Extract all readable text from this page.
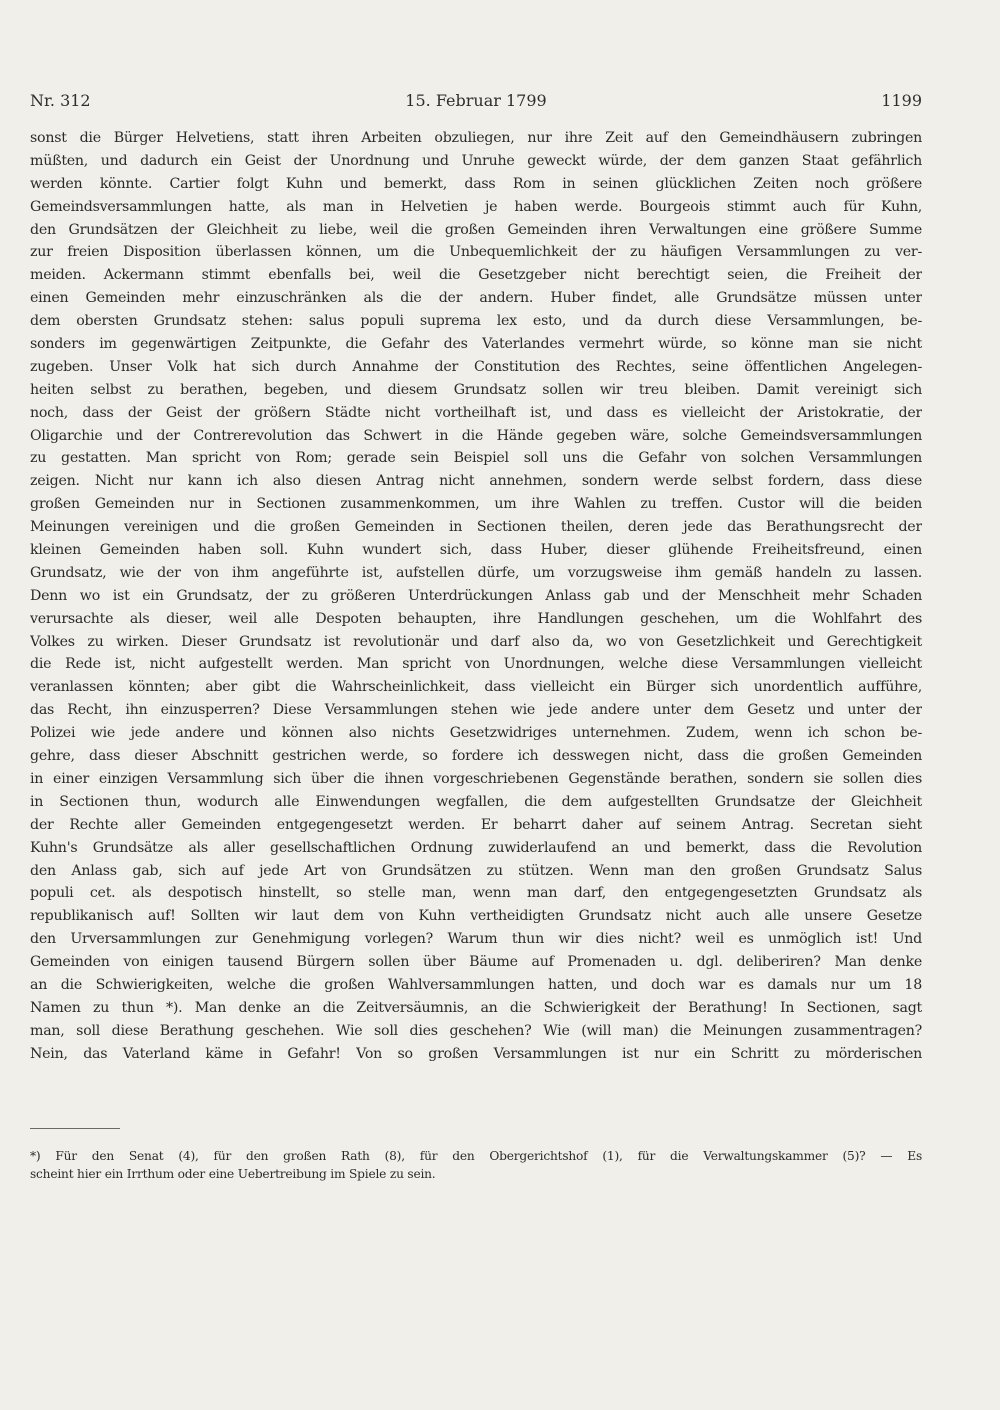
Nr. 312	15. Februar 1799	1199
sonst die Bürger Helvetiens, statt ihren Arbeiten obzuliegen, nur ihre Zeit auf den Gemeindhäusern zubringen
müßten, und dadurch ein Geist der Unordnung und Unruhe geweckt würde, der dem ganzen Staat gefährlich
werden könnte. Cartier folgt Kuhn und bemerkt, dass Rom in seinen glücklichen Zeiten noch größere
Gemeindsversammlungen hatte, als man in Helvetien je haben werde. Bourgeois stimmt auch für Kuhn,
den Grundsätzen der Gleichheit zu liebe, weil die großen Gemeinden ihren Verwaltungen eine größere Summe
zur freien Disposition überlassen können, um die Unbequemlichkeit der zu häufigen Versammlungen zu ver-
meiden. Ackermann stimmt ebenfalls bei, weil die Gesetzgeber nicht berechtigt seien, die Freiheit der
einen Gemeinden mehr einzuschränken als die der andern. Huber findet, alle Grundsätze müssen unter
dem obersten Grundsatz stehen: salus populi suprema lex esto, und da durch diese Versammlungen, be-
sonders im gegenwärtigen Zeitpunkte, die Gefahr des Vaterlandes vermehrt würde, so könne man sie nicht
zugeben. Unser Volk hat sich durch Annahme der Constitution des Rechtes, seine öffentlichen Angelegen-
heiten selbst zu berathen, begeben, und diesem Grundsatz sollen wir treu bleiben. Damit vereinigt sich
noch, dass der Geist der größern Städte nicht vortheilhaft ist, und dass es vielleicht der Aristokratie, der
Oligarchie und der Contrerevolution das Schwert in die Hände gegeben wäre, solche Gemeindsversammlungen
zu gestatten. Man spricht von Rom; gerade sein Beispiel soll uns die Gefahr von solchen Versammlungen
zeigen. Nicht nur kann ich also diesen Antrag nicht annehmen, sondern werde selbst fordern, dass diese
großen Gemeinden nur in Sectionen zusammenkommen, um ihre Wahlen zu treffen. Custor will die beiden
Meinungen vereinigen und die großen Gemeinden in Sectionen theilen, deren jede das Berathungsrecht der
kleinen Gemeinden haben soll. Kuhn wundert sich, dass Huber, dieser glühende Freiheitsfreund, einen
Grundsatz, wie der von ihm angeführte ist, aufstellen dürfe, um vorzugsweise ihm gemäß handeln zu lassen.
Denn wo ist ein Grundsatz, der zu größeren Unterdrückungen Anlass gab und der Menschheit mehr Schaden
verursachte als dieser, weil alle Despoten behaupten, ihre Handlungen geschehen, um die Wohlfahrt des
Volkes zu wirken. Dieser Grundsatz ist revolutionär und darf also da, wo von Gesetzlichkeit und Gerechtigkeit
die Rede ist, nicht aufgestellt werden. Man spricht von Unordnungen, welche diese Versammlungen vielleicht
veranlassen könnten; aber gibt die Wahrscheinlichkeit, dass vielleicht ein Bürger sich unordentlich aufführe,
das Recht, ihn einzusperren? Diese Versammlungen stehen wie jede andere unter dem Gesetz und unter der
Polizei wie jede andere und können also nichts Gesetzwidriges unternehmen. Zudem, wenn ich schon be-
gehre, dass dieser Abschnitt gestrichen werde, so fordere ich desswegen nicht, dass die großen Gemeinden
in einer einzigen Versammlung sich über die ihnen vorgeschriebenen Gegenstände berathen, sondern sie sollen dies
in Sectionen thun, wodurch alle Einwendungen wegfallen, die dem aufgestellten Grundsatze der Gleichheit
der Rechte aller Gemeinden entgegengesetzt werden. Er beharrt daher auf seinem Antrag. Secretan sieht
Kuhn's Grundsätze als aller gesellschaftlichen Ordnung zuwiderlaufend an und bemerkt, dass die Revolution
den Anlass gab, sich auf jede Art von Grundsätzen zu stützen. Wenn man den großen Grundsatz Salus
populi cet. als despotisch hinstellt, so stelle man, wenn man darf, den entgegengesetzten Grundsatz als
republikanisch auf! Sollten wir laut dem von Kuhn vertheidigten Grundsatz nicht auch alle unsere Gesetze
den Urversammlungen zur Genehmigung vorlegen? Warum thun wir dies nicht? weil es unmöglich ist! Und
Gemeinden von einigen tausend Bürgern sollen über Bäume auf Promenaden u. dgl. deliberiren? Man denke
an die Schwierigkeiten, welche die großen Wahlversammlungen hatten, und doch war es damals nur um 18
Namen zu thun *). Man denke an die Zeitversäumnis, an die Schwierigkeit der Berathung! In Sectionen, sagt
man, soll diese Berathung geschehen. Wie soll dies geschehen? Wie (will man) die Meinungen zusammentragen?
Nein, das Vaterland käme in Gefahr! Von so großen Versammlungen ist nur ein Schritt zu mörderischen
*) Für den Senat (4), für den großen Rath (8), für den Obergerichtshof (1), für die Verwaltungskammer (5)? — Es
scheint hier ein Irrthum oder eine Uebertreibung im Spiele zu sein.
